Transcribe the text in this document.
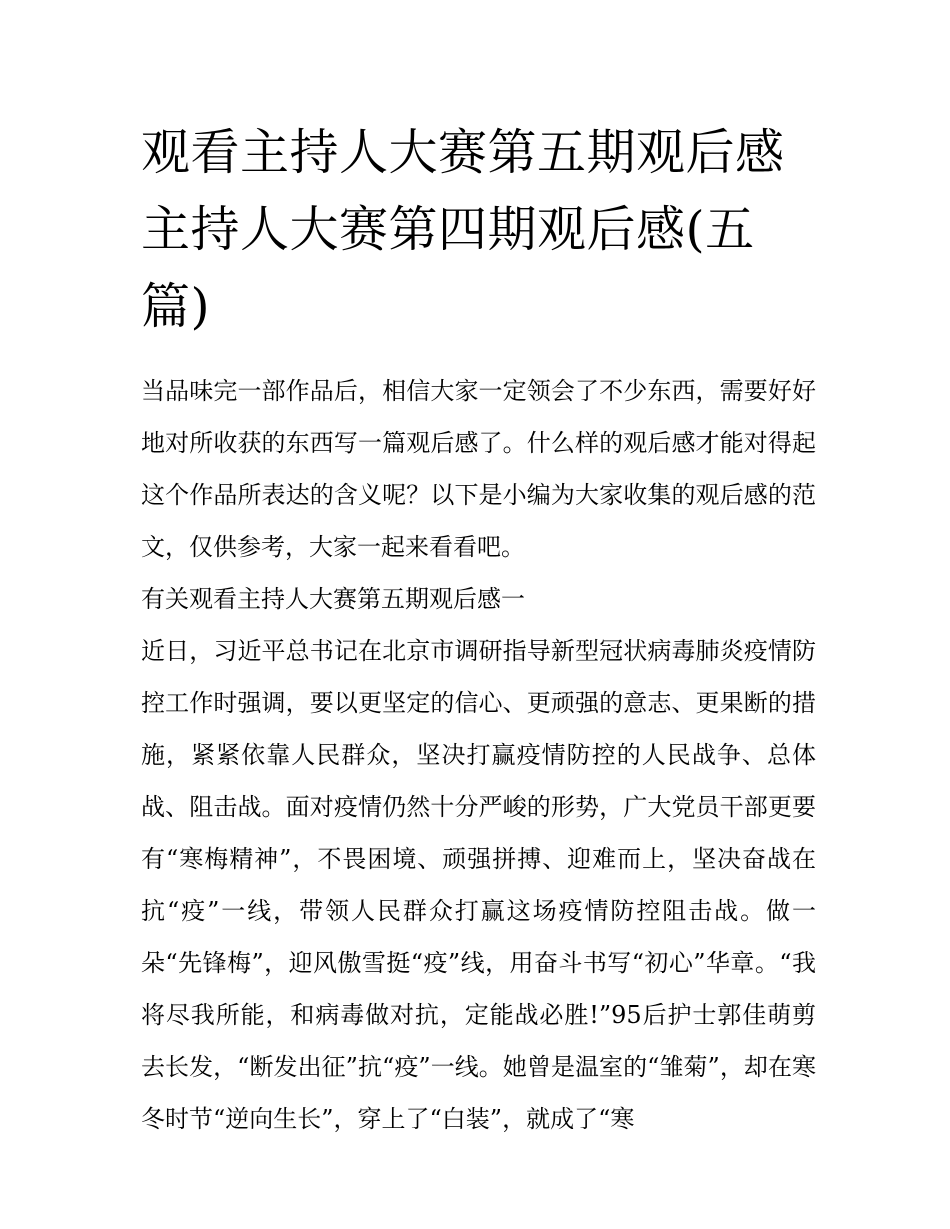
观看主持人大赛第五期观后感 主持人大赛第四期观后感(五篇)

当品味完一部作品后，相信大家一定领会了不少东西，需要好好地对所收获的东西写一篇观后感了。什么样的观后感才能对得起这个作品所表达的含义呢？以下是小编为大家收集的观后感的范文，仅供参考，大家一起来看看吧。

有关观看主持人大赛第五期观后感一

近日，习近平总书记在北京市调研指导新型冠状病毒肺炎疫情防控工作时强调，要以更坚定的信心、更顽强的意志、更果断的措施，紧紧依靠人民群众，坚决打赢疫情防控的人民战争、总体战、阻击战。面对疫情仍然十分严峻的形势，广大党员干部更要有“寒梅精神”，不畏困境、顽强拼搏、迎难而上，坚决奋战在抗“疫”一线，带领人民群众打赢这场疫情防控阻击战。做一朵“先锋梅”，迎风傲雪挺“疫”线，用奋斗书写“初心”华章。“我将尽我所能，和病毒做对抗，定能战必胜!”95后护士郭佳萌剪去长发，“断发出征”抗“疫”一线。她曾是温室的“雏菊”，却在寒冬时节“逆向生长”，穿上了“白装”，就成了“寒
